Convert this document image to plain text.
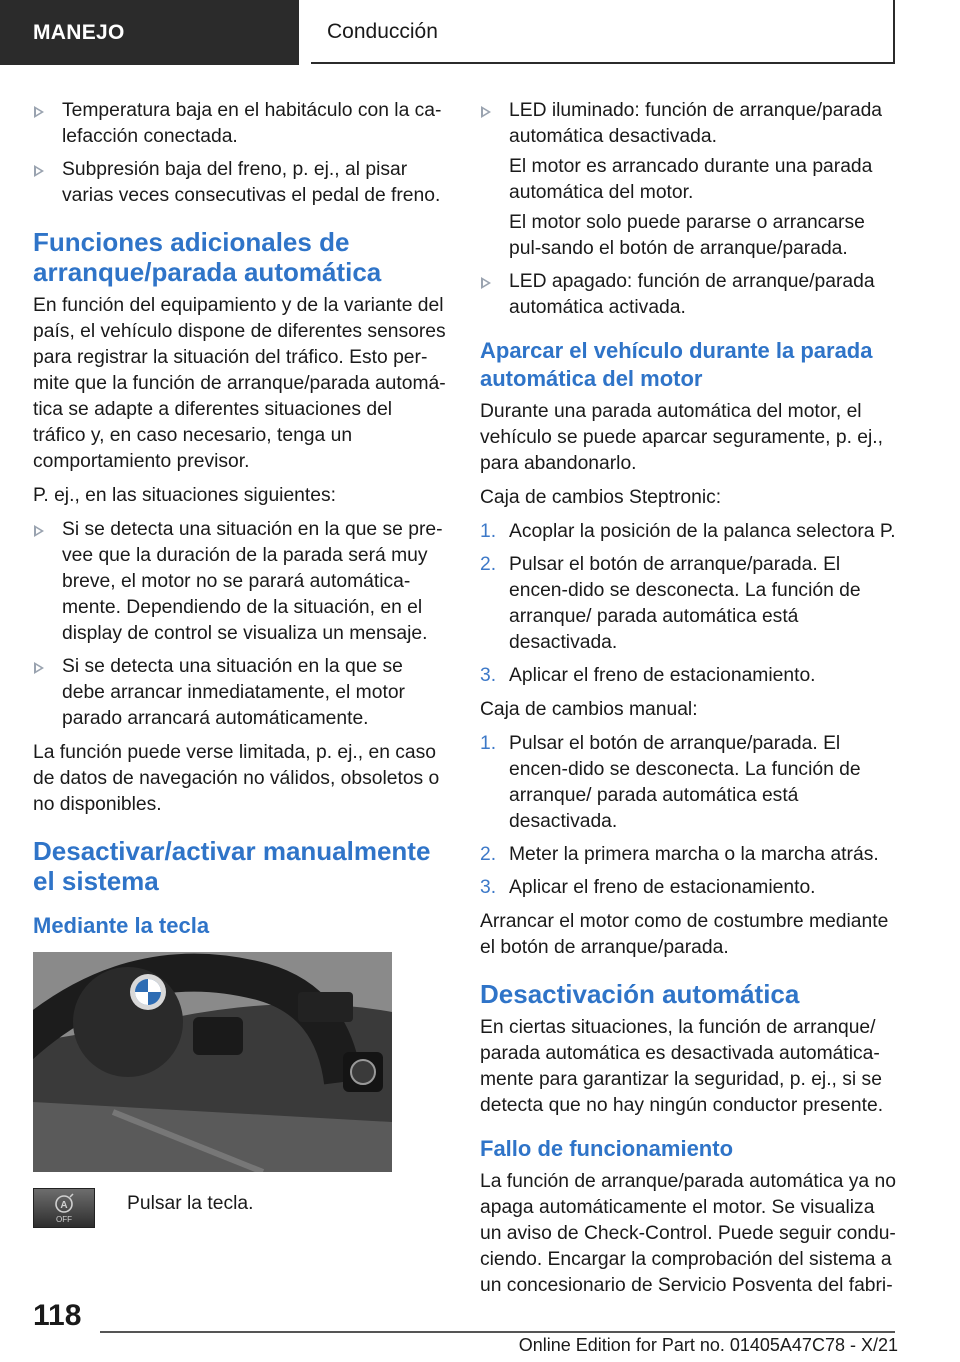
MANEJO	Conducción
Temperatura baja en el habitáculo con la ca-lefacción conectada.
Subpresión baja del freno, p. ej., al pisar varias veces consecutivas el pedal de freno.
Funciones adicionales de arranque/parada automática

En función del equipamiento y de la variante del país, el vehículo dispone de diferentes sensores para registrar la situación del tráfico. Esto per-mite que la función de arranque/parada automá-tica se adapte a diferentes situaciones del tráfico y, en caso necesario, tenga un comportamiento previsor.

P. ej., en las situaciones siguientes:

Si se detecta una situación en la que se pre-vee que la duración de la parada será muy breve, el motor no se parará automática-mente. Dependiendo de la situación, en el display de control se visualiza un mensaje.
Si se detecta una situación en la que se debe arrancar inmediatamente, el motor parado arrancará automáticamente.

La función puede verse limitada, p. ej., en caso de datos de navegación no válidos, obsoletos o no disponibles.

Desactivar/activar manualmente el sistema
Mediante la tecla
A
OFF
Pulsar la tecla.
LED iluminado: función de arranque/parada automática desactivada.
El motor es arrancado durante una parada automática del motor.
El motor solo puede pararse o arrancarse pul-sando el botón de arranque/parada.
LED apagado: función de arranque/parada automática activada.
Aparcar el vehículo durante la parada automática del motor

Durante una parada automática del motor, el vehículo se puede aparcar seguramente, p. ej., para abandonarlo.

Caja de cambios Steptronic:

1. Acoplar la posición de la palanca selectora P.
2. Pulsar el botón de arranque/parada. El encen-dido se desconecta. La función de arranque/ parada automática está desactivada.
3. Aplicar el freno de estacionamiento.

Caja de cambios manual:

1. Pulsar el botón de arranque/parada. El encen-dido se desconecta. La función de arranque/ parada automática está desactivada.
2. Meter la primera marcha o la marcha atrás.
3. Aplicar el freno de estacionamiento.

Arrancar el motor como de costumbre mediante el botón de arranque/parada.

Desactivación automática

En ciertas situaciones, la función de arranque/ parada automática es desactivada automática-mente para garantizar la seguridad, p. ej., si se detecta que no hay ningún conductor presente.

Fallo de funcionamiento

La función de arranque/parada automática ya no apaga automáticamente el motor. Se visualiza un aviso de Check-Control. Puede seguir condu-ciendo. Encargar la comprobación del sistema a un concesionario de Servicio Posventa del fabri-

118
Online Edition for Part no. 01405A47C78 - X/21
